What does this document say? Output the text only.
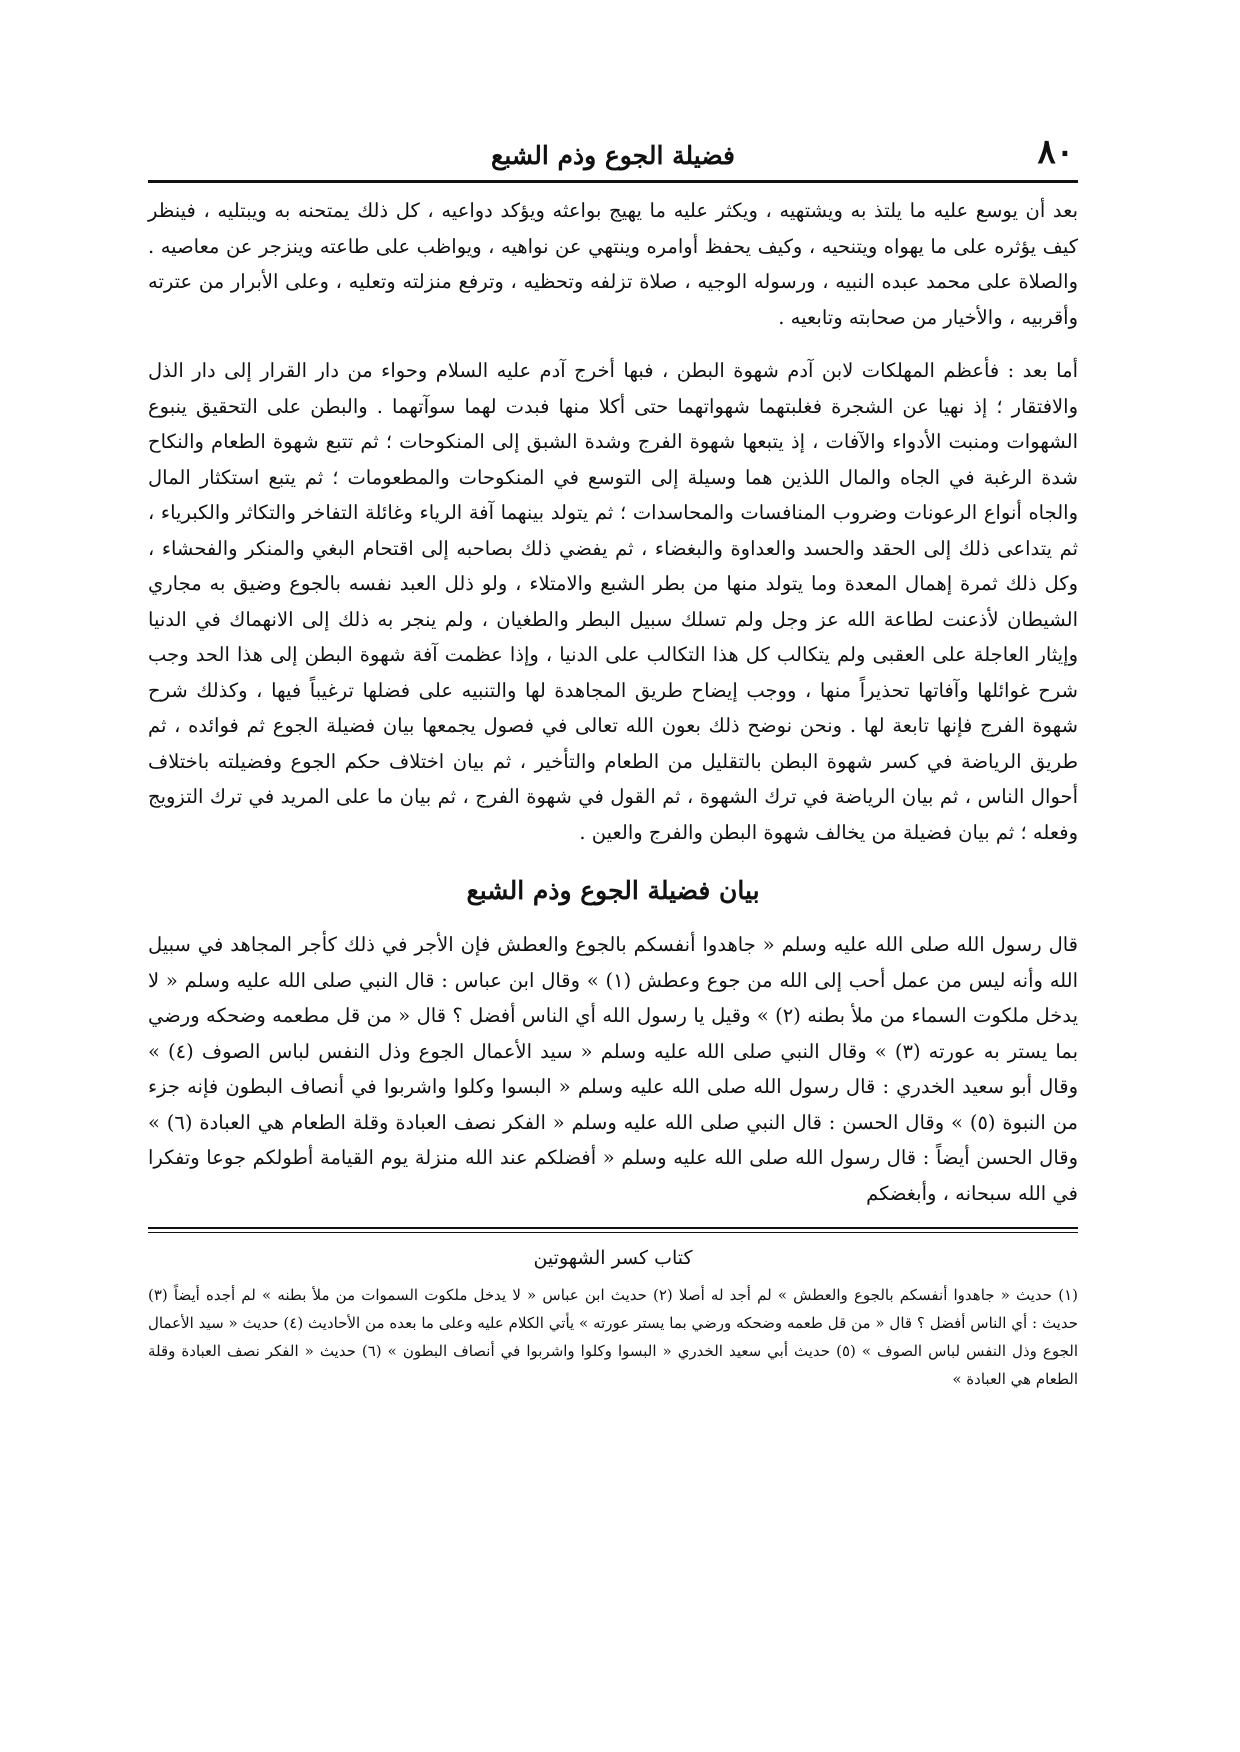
٨٠
فضيلة الجوع وذم الشبع

بعد أن يوسع عليه ما يلتذ به ويشتهيه ، ويكثر عليه ما يهيج بواعثه ويؤكد دواعيه ، كل ذلك يمتحنه به ويبتليه ، فينظر كيف يؤثره على ما يهواه ويتنحيه ، وكيف يحفظ أوامره وينتهي عن نواهيه ، ويواظب على طاعته وينزجر عن معاصيه . والصلاة على محمد عبده النبيه ، ورسوله الوجيه ، صلاة تزلفه وتحظيه ، وترفع منزلته وتعليه ، وعلى الأبرار من عترته وأقربيه ، والأخيار من صحابته وتابعيه .

أما بعد : فأعظم المهلكات لابن آدم شهوة البطن ، فبها أخرج آدم عليه السلام وحواء من دار القرار إلى دار الذل والافتقار ؛ إذ نهيا عن الشجرة فغلبتهما شهواتهما حتى أكلا منها فبدت لهما سوآتهما . والبطن على التحقيق ينبوع الشهوات ومنبت الأدواء والآفات ، إذ يتبعها شهوة الفرج وشدة الشبق إلى المنكوحات ؛ ثم تتبع شهوة الطعام والنكاح شدة الرغبة في الجاه والمال اللذين هما وسيلة إلى التوسع في المنكوحات والمطعومات ؛ ثم يتبع استكثار المال والجاه أنواع الرعونات وضروب المنافسات والمحاسدات ؛ ثم يتولد بينهما آفة الرياء وغائلة التفاخر والتكاثر والكبرياء ، ثم يتداعى ذلك إلى الحقد والحسد والعداوة والبغضاء ، ثم يفضي ذلك بصاحبه إلى اقتحام البغي والمنكر والفحشاء ، وكل ذلك ثمرة إهمال المعدة وما يتولد منها من بطر الشبع والامتلاء ، ولو ذلل العبد نفسه بالجوع وضيق به مجاري الشيطان لأذعنت لطاعة الله عز وجل ولم تسلك سبيل البطر والطغيان ، ولم ينجر به ذلك إلى الانهماك في الدنيا وإيثار العاجلة على العقبى ولم يتكالب كل هذا التكالب على الدنيا ، وإذا عظمت آفة شهوة البطن إلى هذا الحد وجب شرح غوائلها وآفاتها تحذيراً منها ، ووجب إيضاح طريق المجاهدة لها والتنبيه على فضلها ترغيباً فيها ، وكذلك شرح شهوة الفرج فإنها تابعة لها . ونحن نوضح ذلك بعون الله تعالى في فصول يجمعها بيان فضيلة الجوع ثم فوائده ، ثم طريق الرياضة في كسر شهوة البطن بالتقليل من الطعام والتأخير ، ثم بيان اختلاف حكم الجوع وفضيلته باختلاف أحوال الناس ، ثم بيان الرياضة في ترك الشهوة ، ثم القول في شهوة الفرج ، ثم بيان ما على المريد في ترك التزويج وفعله ؛ ثم بيان فضيلة من يخالف شهوة البطن والفرج والعين .

بيان فضيلة الجوع وذم الشبع

قال رسول الله صلى الله عليه وسلم « جاهدوا أنفسكم بالجوع والعطش فإن الأجر في ذلك كأجر المجاهد في سبيل الله وأنه ليس من عمل أحب إلى الله من جوع وعطش (١) » وقال ابن عباس : قال النبي صلى الله عليه وسلم « لا يدخل ملكوت السماء من ملأ بطنه (٢) » وقيل يا رسول الله أي الناس أفضل ؟ قال « من قل مطعمه وضحكه ورضي بما يستر به عورته (٣) » وقال النبي صلى الله عليه وسلم « سيد الأعمال الجوع وذل النفس لباس الصوف (٤) » وقال أبو سعيد الخدري : قال رسول الله صلى الله عليه وسلم « البسوا وكلوا واشربوا في أنصاف البطون فإنه جزء من النبوة (٥) » وقال الحسن : قال النبي صلى الله عليه وسلم « الفكر نصف العبادة وقلة الطعام هي العبادة (٦) » وقال الحسن أيضاً : قال رسول الله صلى الله عليه وسلم « أفضلكم عند الله منزلة يوم القيامة أطولكم جوعا وتفكرا في الله سبحانه ، وأبغضكم

كتاب كسر الشهوتين

(١) حديث « جاهدوا أنفسكم بالجوع والعطش » لم أجد له أصلا (٢) حديث ابن عباس « لا يدخل ملكوت السموات من ملأ بطنه » لم أجده أيضاً (٣) حديث : أي الناس أفضل ؟ قال « من قل طعمه وضحكه ورضي بما يستر عورته » يأتي الكلام عليه وعلى ما بعده من الأحاديث (٤) حديث « سيد الأعمال الجوع وذل النفس لباس الصوف » (٥) حديث أبي سعيد الخدري « البسوا وكلوا واشربوا في أنصاف البطون » (٦) حديث « الفكر نصف العبادة وقلة الطعام هي العبادة »
